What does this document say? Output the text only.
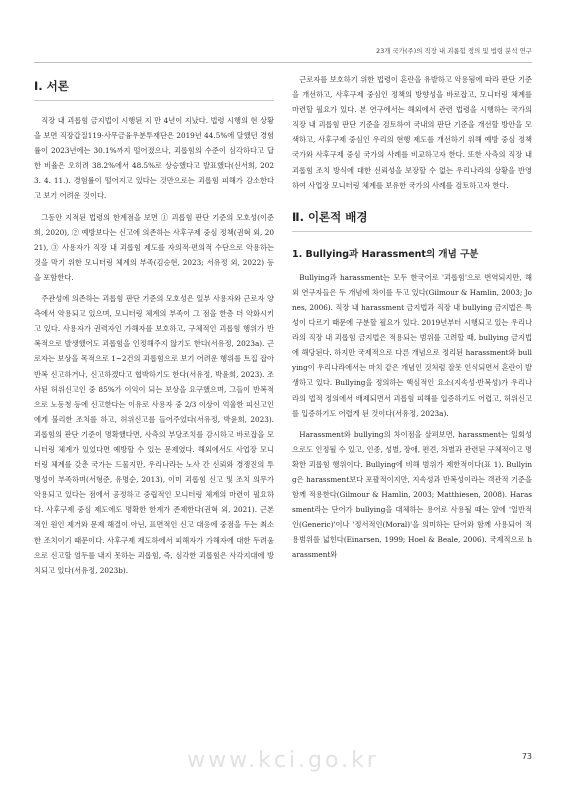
23개 국가(주)의 직장 내 괴롭힘 정의 및 법령 분석 연구
Ⅰ. 서론

직장 내 괴롭힘 금지법이 시행된 지 만 4년이 지났다. 법령 시행의 현 상황을 보면 직장갑질119·사무금융우분투재단은 2019년 44.5%에 달했던 경험률이 2023년에는 30.1%까지 떨어졌으나, 괴롭힘의 수준이 심각하다고 답한 비율은 오히려 38.2%에서 48.5%로 상승했다고 발표했다(신서희, 2023. 4. 11.). 경험률이 떨어지고 있다는 것만으로는 괴롭힘 피해가 감소한다고 보기 어려운 것이다.

그동안 지적된 법령의 한계점을 보면 ① 괴롭힘 판단 기준의 모호성(이준희, 2020), ② 예방보다는 신고에 의존하는 사후구제 중심 정책(권혁 외, 2021), ③ 사용자가 직장 내 괴롭힘 제도를 자의적·편의적 수단으로 악용하는 것을 막기 위한 모니터링 체계의 부족(김승현, 2023; 서유정 외, 2022) 등을 포함한다.

주관성에 의존하는 괴롭힘 판단 기준의 모호성은 일부 사용자와 근로자 양측에서 악용되고 있으며, 모니터링 체계의 부족이 그 점을 한층 더 악화시키고 있다. 사용자가 권력자인 가해자를 보호하고, 구체적인 괴롭힘 행위가 반복적으로 발생했어도 괴롭힘을 인정해주지 않기도 한다(서유정, 2023a). 근로자는 보상을 목적으로 1~2건의 괴롭힘으로 보기 어려운 행위를 트집 잡아 반복 신고하거나, 신고하겠다고 협박하기도 한다(서유정, 박윤희, 2023). 조사된 허위신고인 중 85%가 이익이 되는 보상을 요구했으며, 그들이 반복적으로 노동청 등에 신고한다는 이유로 사용자 중 2/3 이상이 억울한 피신고인에게 불리한 조치를 하고, 허위신고를 들어주었다(서유정, 박윤희, 2023). 괴롭힘의 판단 기준이 명확했다면, 사측의 부당조치를 감시하고 바로잡을 모니터링 체계가 있었다면 예방할 수 있는 문제였다. 해외에서도 사업장 모니터링 체계를 갖춘 국가는 드물지만, 우리나라는 노사 간 신뢰와 경쟁진의 투명성이 부족하며(서형준, 유명순, 2013), 이미 괴롭힘 신고 및 조치 의무가 악용되고 있다는 점에서 공정하고 중립적인 모니터링 체계의 마련이 필요하다. 사후구제 중심 제도에도 명확한 한계가 존재한다(권혁 외, 2021). 근본적인 원인 제거와 문제 해결이 아닌, 표면적인 신고 대응에 중점을 두는 최소한 조치이기 때문이다. 사후구제 제도하에서 피해자가 가해자에 대한 두려움으로 신고할 엄두를 내지 못하는 괴롭힘, 즉, 심각한 괴롭힘은 사각지대에 방치되고 있다(서유정, 2023b).

근로자를 보호하기 위한 법령이 혼란을 유발하고 악용됨에 따라 판단 기준을 개선하고, 사후구제 중심인 정책의 방향성을 바로잡고, 모니터링 체계를 마련할 필요가 있다. 본 연구에서는 해외에서 관련 법령을 시행하는 국가의 직장 내 괴롭힘 판단 기준을 검토하여 국내의 판단 기준을 개선할 방안을 모색하고, 사후구제 중심인 우리의 현행 제도를 개선하기 위해 예방 중심 정책 국가와 사후구제 중심 국가의 사례를 비교하고자 한다. 또한 사측의 직장 내 괴롭힘 조치 방식에 대한 신뢰성을 보장할 수 없는 우리나라의 상황을 반영하여 사업장 모니터링 체계를 보유한 국가의 사례를 검토하고자 한다.

Ⅱ. 이론적 배경
1. Bullying과 Harassment의 개념 구분

Bullying과 harassment는 모두 한국어로 '괴롭힘'으로 번역되지만, 해외 연구자들은 두 개념에 차이를 두고 있다(Gilmour & Hamlin, 2003; Jones, 2006). 직장 내 harassment 금지법과 직장 내 bullying 금지법은 특성이 다르기 때문에 구분할 필요가 있다. 2019년부터 시행되고 있는 우리나라의 직장 내 괴롭힘 금지법은 적용되는 범위를 고려할 때, bullying 금지법에 해당된다. 하지만 국제적으로 다른 개념으로 정리된 harassment와 bullying이 우리나라에서는 마치 같은 개념인 것처럼 잘못 인식되면서 혼란이 발생하고 있다. Bullying을 정의하는 핵심적인 요소(지속성·반복성)가 우리나라의 법적 정의에서 배제되면서 괴롭힘 피해를 입증하기도 어렵고, 허위신고를 입증하기도 어렵게 된 것이다(서유정, 2023a).

Harassment와 bullying의 차이점을 살펴보면, harassment는 일회성으로도 인정될 수 있고, 인종, 성별, 장애, 편견, 차별과 관련된 구체적이고 명확한 괴롭힘 행위이다. Bullying에 비해 범위가 제한적이다(표 1). Bullying은 harassment보다 포괄적이지만, 지속성과 반복성이라는 객관적 기준을 함께 적용한다(Gilmour & Hamlin, 2003; Matthiesen, 2008). Harassment라는 단어가 bullying을 대체하는 용어로 사용될 때는 앞에 '일반적인(Generic)'이나 '정서적인(Moral)'을 의미하는 단어와 함께 사용되어 적용범위를 넓힌다(Einarsen, 1999; Hoel & Beale, 2006). 국제적으로 harassment와

www.kci.go.kr	73
